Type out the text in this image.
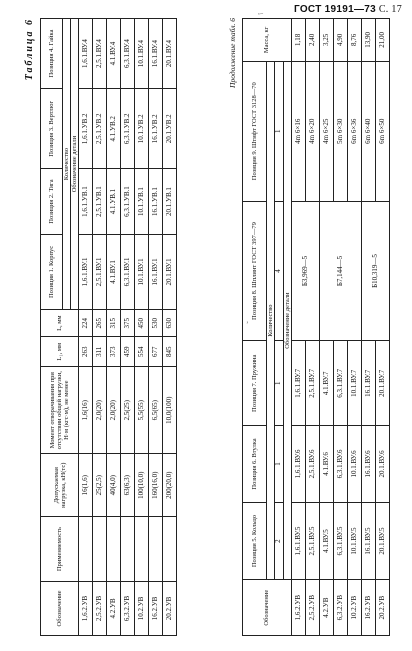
ГОСТ 19191—73 С. 17
″˜
’
Таблица 6
Обозначение	Применяемость	Допускаемая нагрузка, кН(тс)	Момент отворачивания при отсутствии общей нагрузки, Н·м (кгс·м), не менее	L₁, мм	L, мм	Позиция 1. Корпус	Позиция 2. Тяга	Позиция 3. Вертлюг	Позиция 4. Гайка
						Количество			
						Обозначение детали			
1,6.2.УВ		16(1,6)	1,6(16)	263	224	1,6.1.ВУ.1	1,6.1.УВ.1	1,6.1.УВ.2	1,6.1.ВУ.4
2,5.2.УВ		25(2,5)	2,0(20)	311	265	2,5.1.ВУ.1	2,5.1.УВ.1	2,5.1.УВ.2	2,5.1.ВУ.4
4.2.УВ		40(4,0)	2,0(20)	373	315	4.1.ВУ.1	4.1.УВ.1	4.1.УВ.2	4.1.ВУ.4
6,3.2.УВ		63(6,3)	2,5(25)	459	375	6,3.1.ВУ.1	6,3.1.УВ.1	6,3.1.УВ.2	6,3.1.ВУ.4
10.2.УВ		100(10,0)	5,5(55)	554	450	10.1.ВУ.1	10.1.УВ.1	10.1.УВ.2	10.1.ВУ.4
16.2.УВ		160(16,0)	6,5(65)	677	530	16.1.ВУ.1	16.1.УВ.1	16.1.УВ.2	16.1.ВУ.4
20.2.УВ		200(20,0)	10,0(100)	845	630	20.1.ВУ.1	20.1.УВ.1	20.1.УВ.2	20.1.ВУ.4	Продолжение табл. 6
Обозначение	Позиция 5. Кольцо	Позиция 6. Втулка	Позиция 7. Пружина	Позиция 8. Шплинт ГОСТ 397—79	Позиция 9. Штифт ГОСТ 3128—70	Масса, кг
	Количество					
	2	1	1	4	1	
	Обозначение детали					
1,6.2.УВ	1,6.1.ВУ.5	1,6.1.ВУ.6	1,6.1.ВУ.7	Б3,969—5	4m 6×16	1,18
2,5.2.УВ	2,5.1.ВУ.5	2,5.1.ВУ.6	2,5.1.ВУ.7		4m 6×20	2,40
4.2.УВ	4.1.ВУ.5	4.1.ВУ.6	4.1.ВУ.7	Б7,144—5	4m 6×25	3,25
6,3.2.УВ	6,3.1.ВУ.5	6,3.1.ВУ.6	6,3.1.ВУ.7		5m 6×30	4,90
10.2.УВ	10.1.ВУ.5	10.1.ВУ.6	10.1.ВУ.7		6m 6×36	8,76
16.2.УВ	16.1.ВУ.5	16.1.ВУ.6	16.1.ВУ.7	Б10,319—5	6m 6×40	13,90
20.2.УВ	20.1.ВУ.5	20.1.ВУ.6	20.1.ВУ.7		6m 6×50	21,00
